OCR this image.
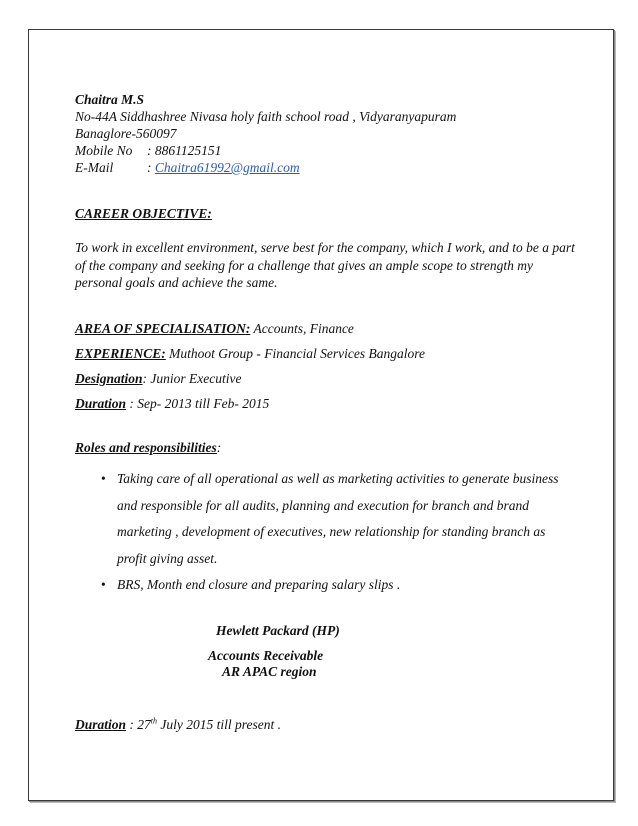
Chaitra M.S
No-44A Siddhashree Nivasa holy faith school road , Vidyaranyapuram
Banaglore-560097
Mobile No : 8861125151
E-Mail	: Chaitra61992@gmail.com
CAREER OBJECTIVE:
To work in excellent environment, serve best for the company, which I work, and to be a part of the company and seeking for a challenge that gives an ample scope to strength my personal goals and achieve the same.
AREA OF SPECIALISATION: Accounts, Finance
EXPERIENCE: Muthoot Group - Financial Services Bangalore
Designation: Junior Executive
Duration : Sep- 2013 till Feb- 2015
Roles and responsibilities:
• Taking care of all operational as well as marketing activities to generate business and responsible for all audits, planning and execution for branch and brand marketing , development of executives, new relationship for standing branch as profit giving asset.
• BRS, Month end closure and preparing salary slips .
Hewlett Packard (HP)
Accounts Receivable
AR APAC region
Duration : 27th July 2015 till present .
